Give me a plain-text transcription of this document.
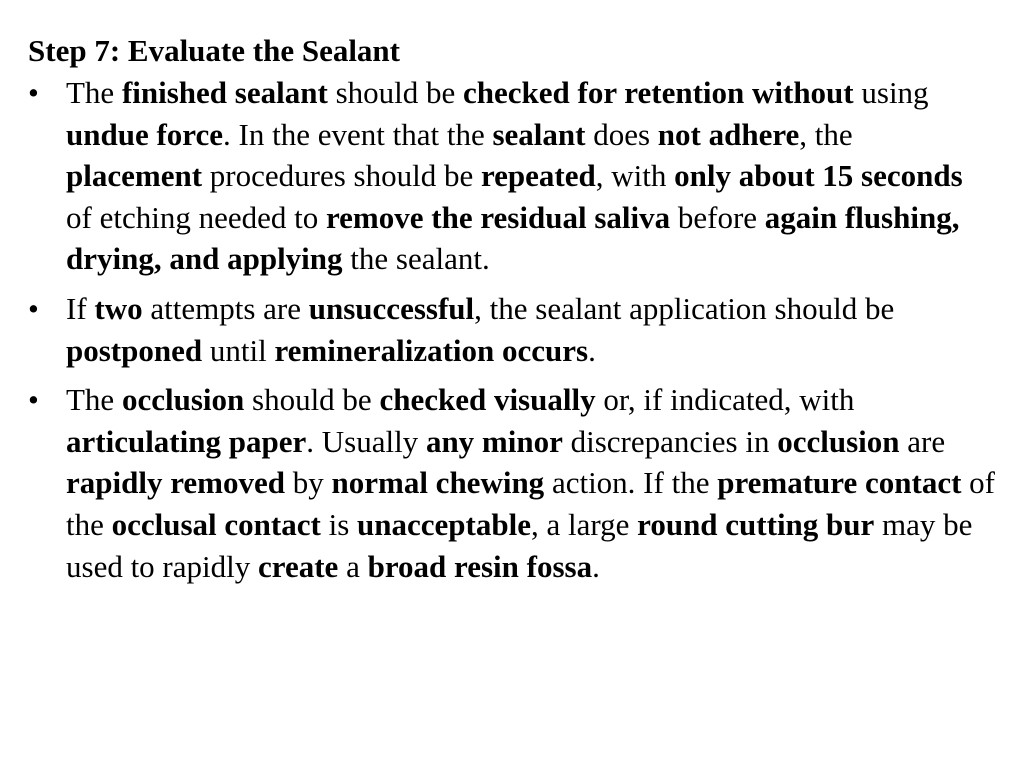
Step 7: Evaluate the Sealant
• The finished sealant should be checked for retention without using undue force. In the event that the sealant does not adhere, the placement procedures should be repeated, with only about 15 seconds of etching needed to remove the residual saliva before again flushing, drying, and applying the sealant.
• If two attempts are unsuccessful, the sealant application should be postponed until remineralization occurs.
• The occlusion should be checked visually or, if indicated, with articulating paper. Usually any minor discrepancies in occlusion are rapidly removed by normal chewing action. If the premature contact of the occlusal contact is unacceptable, a large round cutting bur may be used to rapidly create a broad resin fossa.
